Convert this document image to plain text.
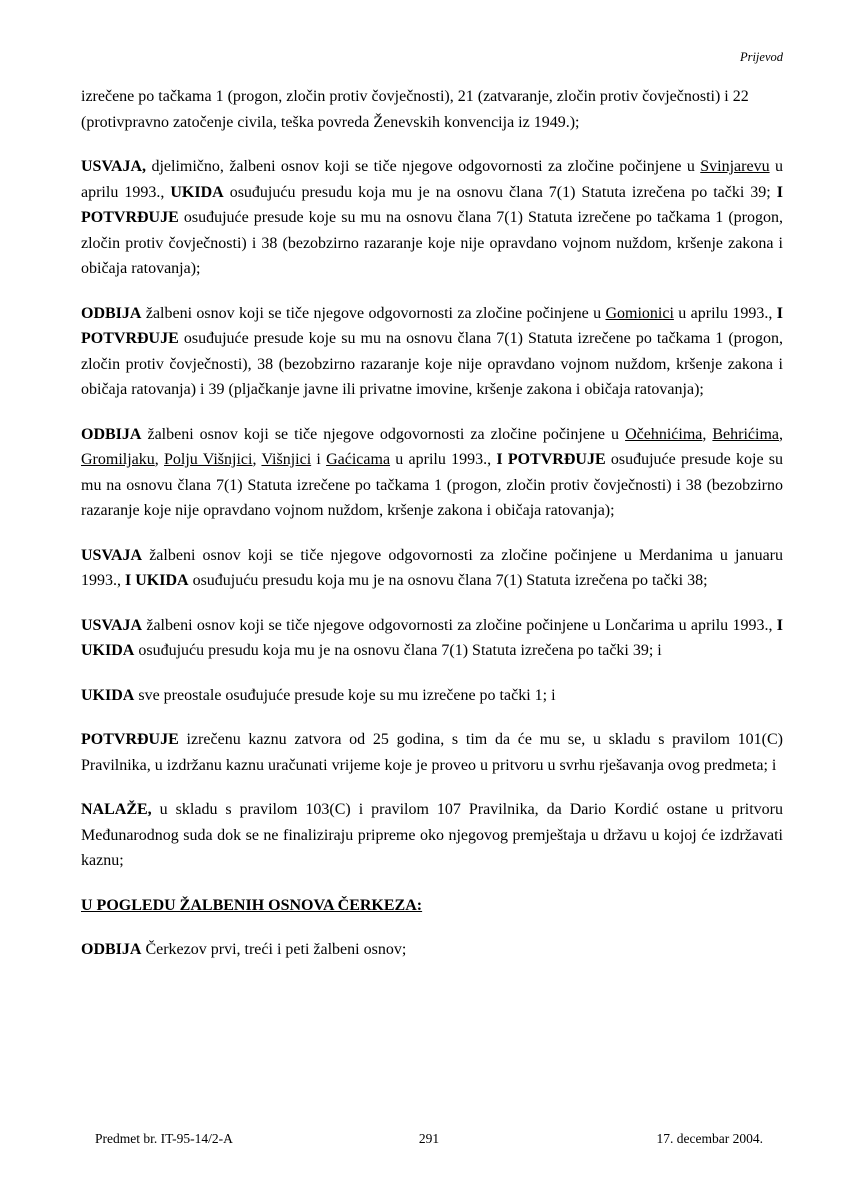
Prijevod

izrečene po tačkama 1 (progon, zločin protiv čovječnosti), 21 (zatvaranje, zločin protiv čovječnosti) i 22 (protivpravno zatočenje civila, teška povreda Ženevskih konvencija iz 1949.);

USVAJA, djelimično, žalbeni osnov koji se tiče njegove odgovornosti za zločine počinjene u Svinjarevu u aprilu 1993., UKIDA osuđujuću presudu koja mu je na osnovu člana 7(1) Statuta izrečena po tački 39; I POTVRĐUJE osuđujuće presude koje su mu na osnovu člana 7(1) Statuta izrečene po tačkama 1 (progon, zločin protiv čovječnosti) i 38 (bezobzirno razaranje koje nije opravdano vojnom nuždom, kršenje zakona i običaja ratovanja);

ODBIJA žalbeni osnov koji se tiče njegove odgovornosti za zločine počinjene u Gomionici u aprilu 1993., I POTVRĐUJE osuđujuće presude koje su mu na osnovu člana 7(1) Statuta izrečene po tačkama 1 (progon, zločin protiv čovječnosti), 38 (bezobzirno razaranje koje nije opravdano vojnom nuždom, kršenje zakona i običaja ratovanja) i 39 (pljačkanje javne ili privatne imovine, kršenje zakona i običaja ratovanja);

ODBIJA žalbeni osnov koji se tiče njegove odgovornosti za zločine počinjene u Očehnićima, Behrićima, Gromiljaku, Polju Višnjici, Višnjici i Gaćicama u aprilu 1993., I POTVRĐUJE osuđujuće presude koje su mu na osnovu člana 7(1) Statuta izrečene po tačkama 1 (progon, zločin protiv čovječnosti) i 38 (bezobzirno razaranje koje nije opravdano vojnom nuždom, kršenje zakona i običaja ratovanja);

USVAJA žalbeni osnov koji se tiče njegove odgovornosti za zločine počinjene u Merdanima u januaru 1993., I UKIDA osuđujuću presudu koja mu je na osnovu člana 7(1) Statuta izrečena po tački 38;

USVAJA žalbeni osnov koji se tiče njegove odgovornosti za zločine počinjene u Lončarima u aprilu 1993., I UKIDA osuđujuću presudu koja mu je na osnovu člana 7(1) Statuta izrečena po tački 39; i

UKIDA sve preostale osuđujuće presude koje su mu izrečene po tački 1; i

POTVRĐUJE izrečenu kaznu zatvora od 25 godina, s tim da će mu se, u skladu s pravilom 101(C) Pravilnika, u izdržanu kaznu uračunati vrijeme koje je proveo u pritvoru u svrhu rješavanja ovog predmeta; i

NALAŽE, u skladu s pravilom 103(C) i pravilom 107 Pravilnika, da Dario Kordić ostane u pritvoru Međunarodnog suda dok se ne finaliziraju pripreme oko njegovog premještaja u državu u kojoj će izdržavati kaznu;

U POGLEDU ŽALBENIH OSNOVA ČERKEZA:

ODBIJA Čerkezov prvi, treći i peti žalbeni osnov;

Predmet br. IT-95-14/2-A	291	17. decembar 2004.
